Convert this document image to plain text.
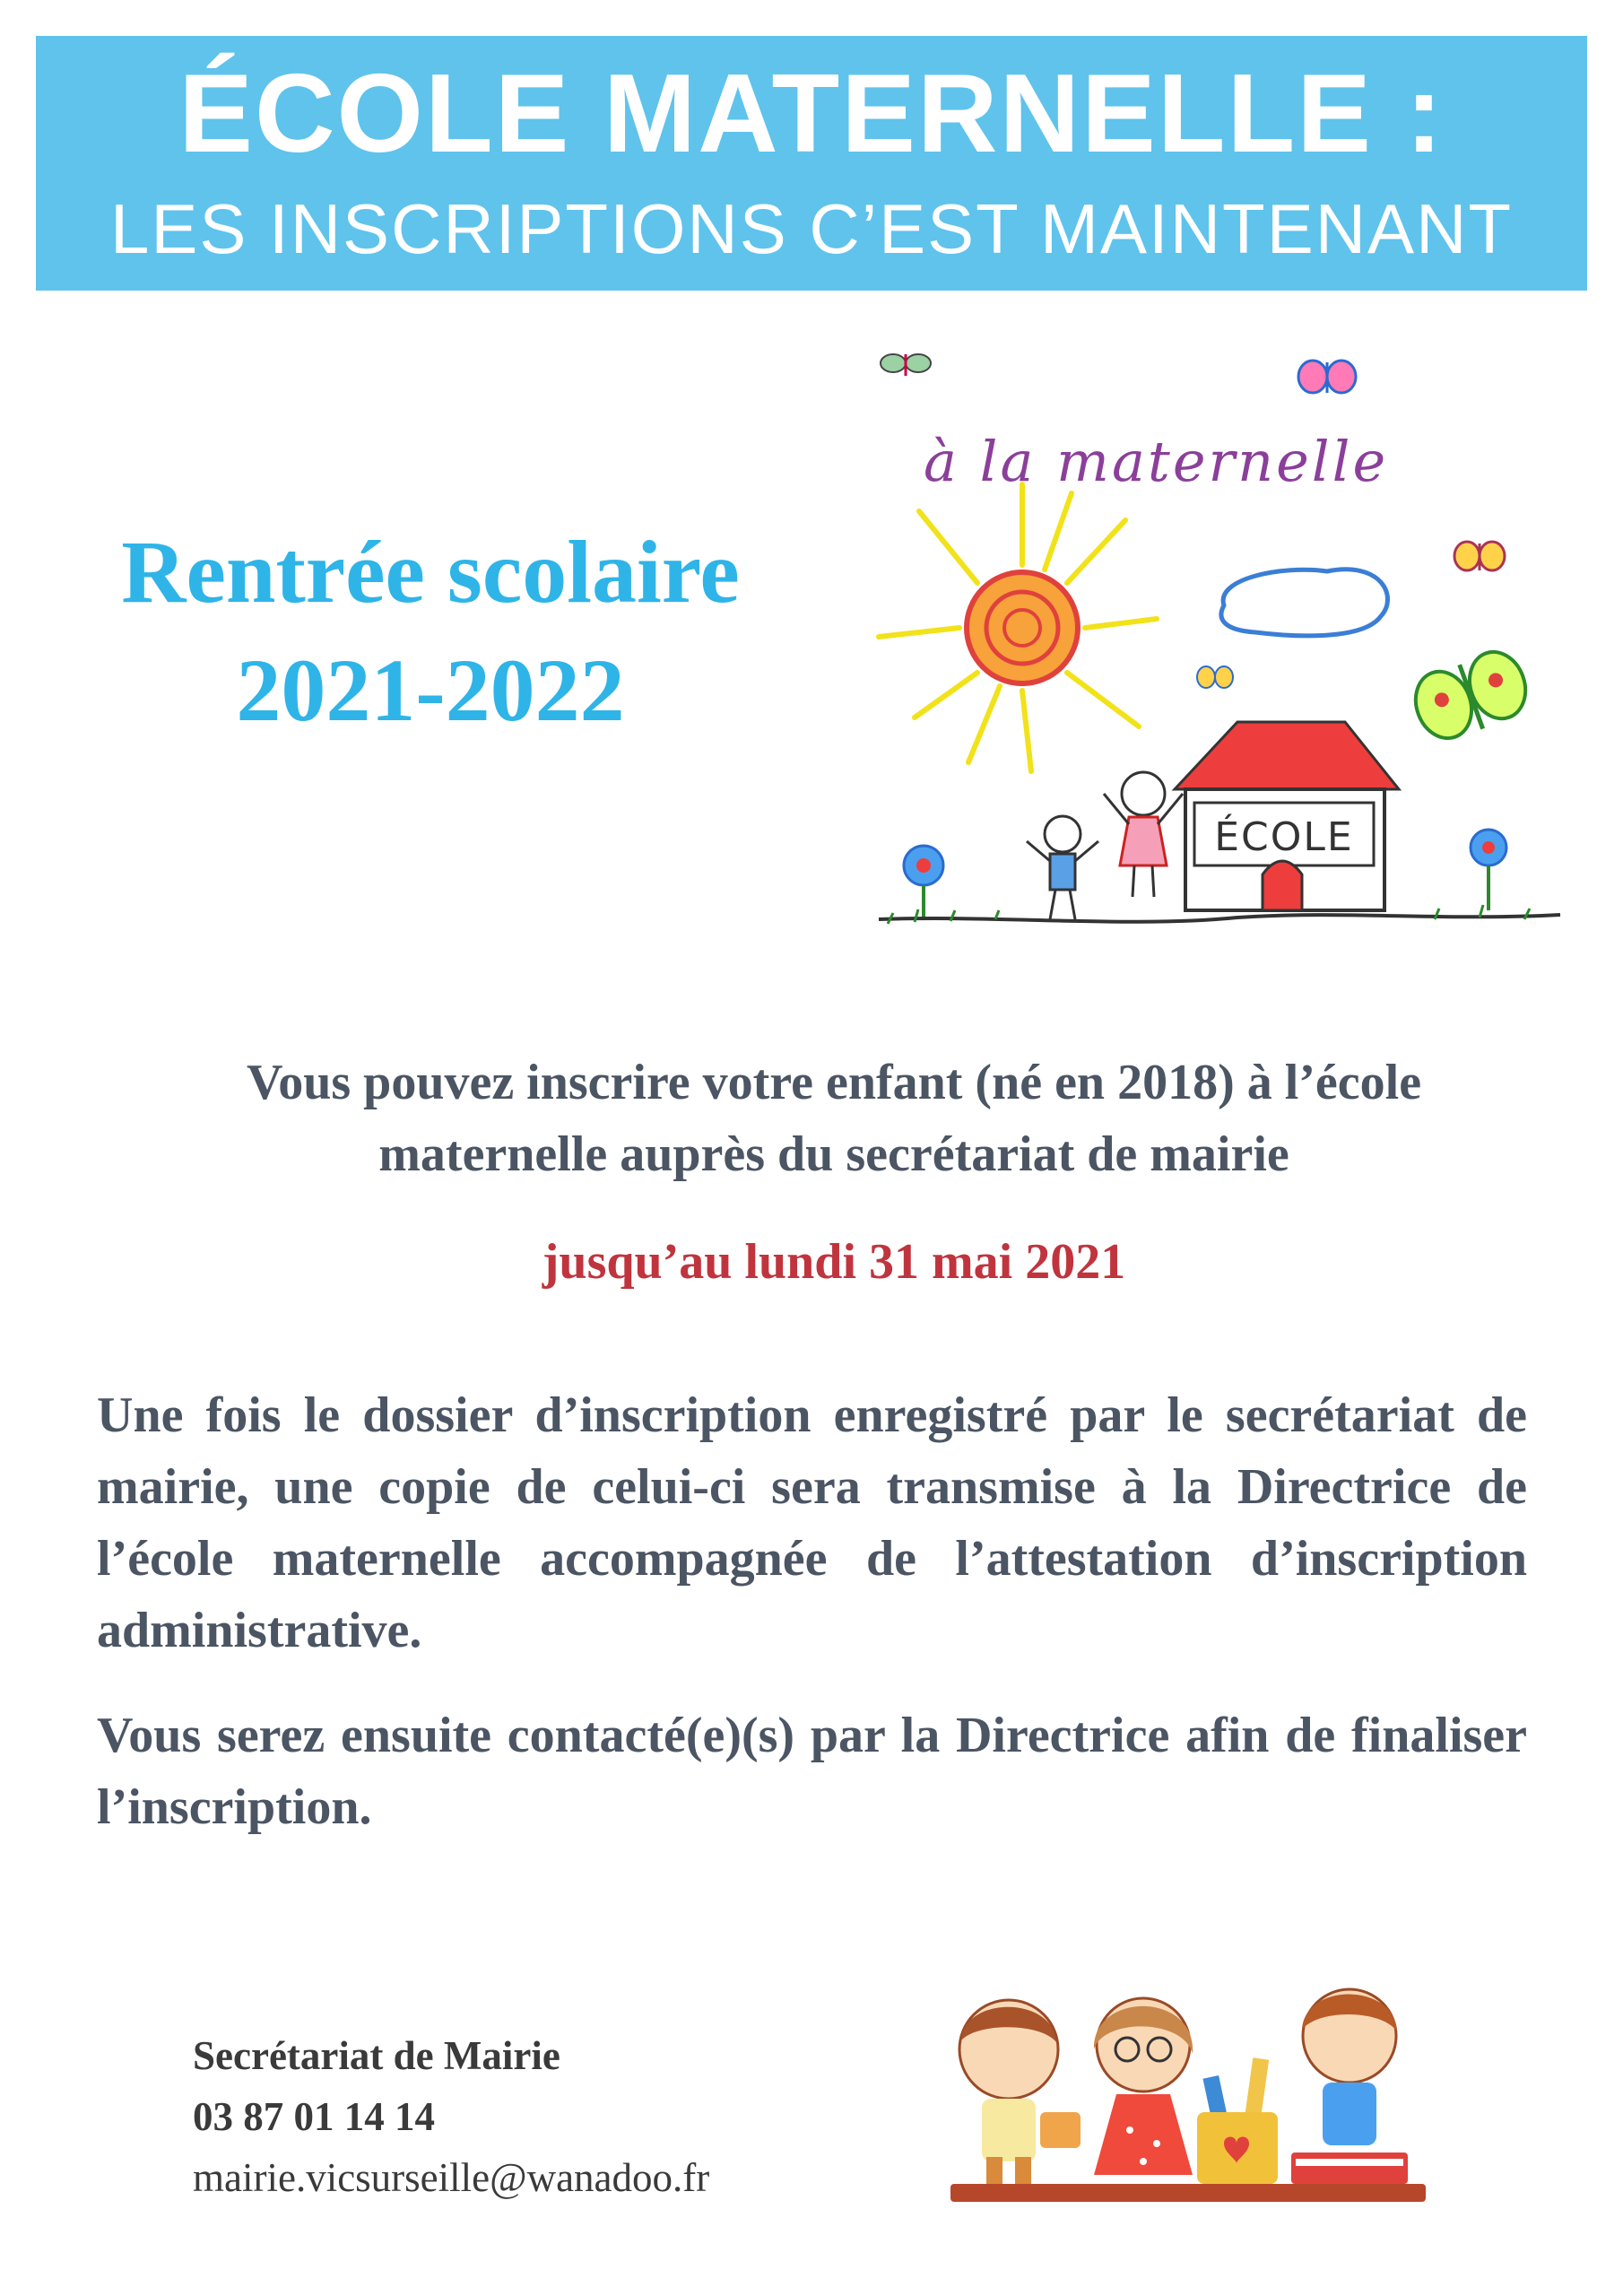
ÉCOLE MATERNELLE :
LES INSCRIPTIONS C’EST MAINTENANT
Rentrée scolaire
2021-2022
à la maternelle
ÉCOLE
Vous pouvez inscrire votre enfant (né en 2018) à l’école
maternelle auprès du secrétariat de mairie
jusqu’au lundi 31 mai 2021
Une fois le dossier d’inscription enregistré par le secrétariat de mairie, une copie de celui-ci sera transmise à la Directrice de l’école maternelle accompagnée de l’attestation d’inscription administrative.
Vous serez ensuite contacté(e)(s) par la Directrice afin de finaliser l’inscription.
Secrétariat de Mairie
03 87 01 14 14
mairie.vicsurseille@wanadoo.fr
